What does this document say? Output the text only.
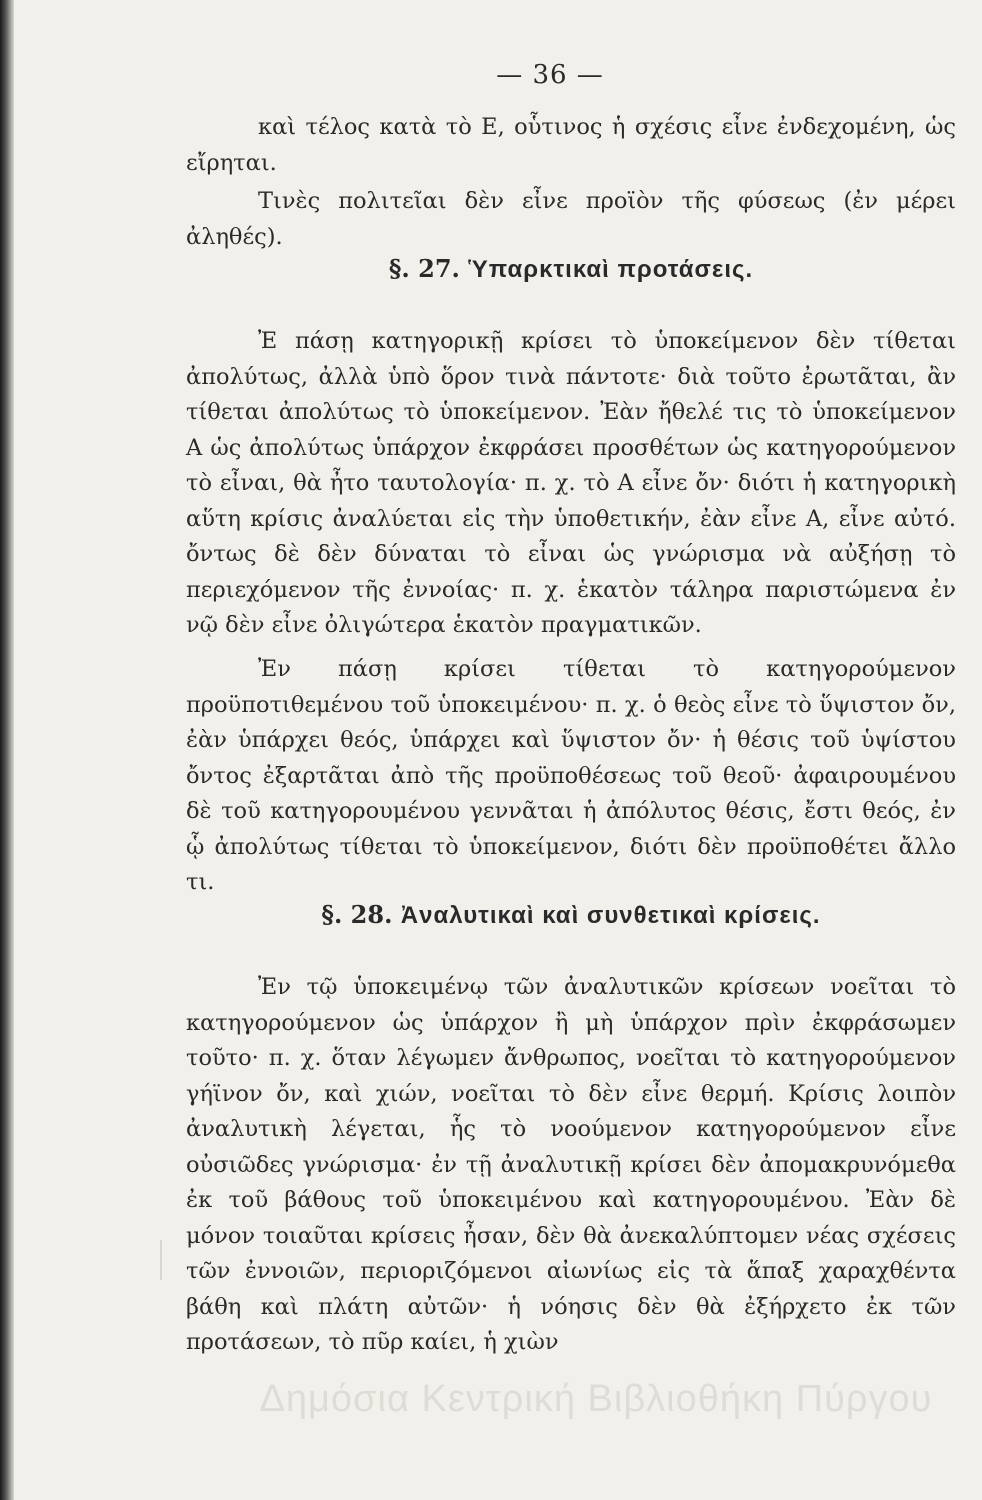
— 36 —

καὶ τέλος κατὰ τὸ Ε, οὗτινος ἡ σχέσις εἶνε ἐνδεχομένη, ὡς εἴρηται.

Τινὲς πολιτεῖαι δὲν εἶνε προϊὸν τῆς φύσεως (ἐν μέρει ἀληθές).

§. 27. Ὑπαρκτικαὶ προτάσεις.

Ἐ πάσῃ κατηγορικῇ κρίσει τὸ ὑποκείμενον δὲν τίθεται ἀπολύτως, ἀλλὰ ὑπὸ ὅρον τινὰ πάντοτε· διὰ τοῦτο ἐρωτᾶται, ἂν τίθεται ἀπολύτως τὸ ὑποκείμενον. Ἐὰν ἤθελέ τις τὸ ὑποκείμενον Α ὡς ἀπολύτως ὑπάρχον ἐκφράσει προσθέτων ὡς κατηγορούμενον τὸ εἶναι, θὰ ἦτο ταυτολογία· π. χ. τὸ Α εἶνε ὄν· διότι ἡ κατηγορικὴ αὕτη κρίσις ἀναλύεται εἰς τὴν ὑποθετικήν, ἐὰν εἶνε Α, εἶνε αὐτό. ὄντως δὲ δὲν δύναται τὸ εἶναι ὡς γνώρισμα νὰ αὐξήσῃ τὸ περιεχόμενον τῆς ἐννοίας· π. χ. ἑκατὸν τάληρα παριστώμενα ἐν νῷ δὲν εἶνε ὀλιγώτερα ἑκατὸν πραγματικῶν.

Ἐν πάσῃ κρίσει τίθεται τὸ κατηγορούμενον προϋποτιθεμένου τοῦ ὑποκειμένου· π. χ. ὁ θεὸς εἶνε τὸ ὕψιστον ὄν, ἐὰν ὑπάρχει θεός, ὑπάρχει καὶ ὕψιστον ὄν· ἡ θέσις τοῦ ὑψίστου ὄντος ἐξαρτᾶται ἀπὸ τῆς προϋποθέσεως τοῦ θεοῦ· ἀφαιρουμένου δὲ τοῦ κατηγορουμένου γεννᾶται ἡ ἀπόλυτος θέσις, ἔστι θεός, ἐν ᾧ ἀπολύτως τίθεται τὸ ὑποκείμενον, διότι δὲν προϋποθέτει ἄλλο τι.

§. 28. Ἀναλυτικαὶ καὶ συνθετικαὶ κρίσεις.

Ἐν τῷ ὑποκειμένῳ τῶν ἀναλυτικῶν κρίσεων νοεῖται τὸ κατηγορούμενον ὡς ὑπάρχον ἢ μὴ ὑπάρχον πρὶν ἐκφράσωμεν τοῦτο· π. χ. ὅταν λέγωμεν ἄνθρωπος, νοεῖται τὸ κατηγορούμενον γήϊνον ὄν, καὶ χιών, νοεῖται τὸ δὲν εἶνε θερμή. Κρίσις λοιπὸν ἀναλυτικὴ λέγεται, ἧς τὸ νοούμενον κατηγορούμενον εἶνε οὐσιῶδες γνώρισμα· ἐν τῇ ἀναλυτικῇ κρίσει δὲν ἀπομακρυνόμεθα ἐκ τοῦ βάθους τοῦ ὑποκειμένου καὶ κατηγορουμένου. Ἐὰν δὲ μόνον τοιαῦται κρίσεις ἦσαν, δὲν θὰ ἀνεκαλύπτομεν νέας σχέσεις τῶν ἐννοιῶν, περιοριζόμενοι αἰωνίως εἰς τὰ ἅπαξ χαραχθέντα βάθη καὶ πλάτη αὐτῶν· ἡ νόησις δὲν θὰ ἐξήρχετο ἐκ τῶν προτάσεων, τὸ πῦρ καίει, ἡ χιὼν

Δημόσια Κεντρική Βιβλιοθήκη Πύργου
